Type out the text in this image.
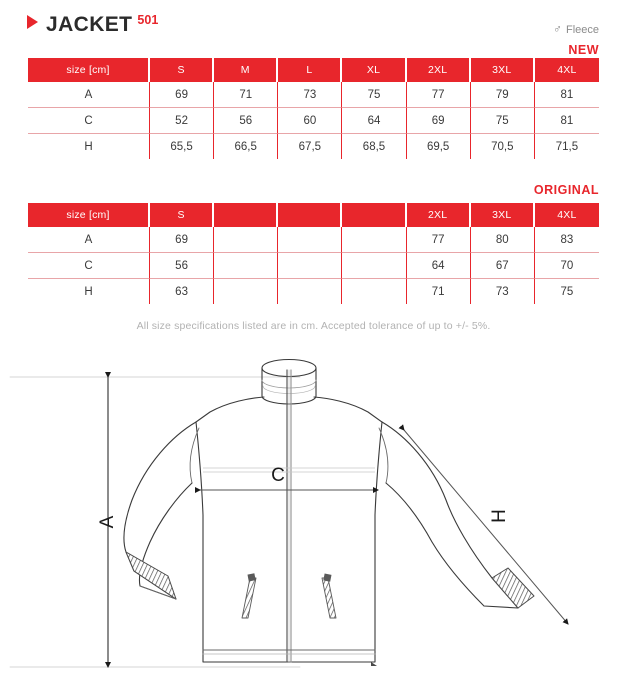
JACKET 501
♂ Fleece
NEW
size [cm]	S	M	L	XL	2XL	3XL	4XL
A	69	71	73	75	77	79	81
C	52	56	60	64	69	75	81
H	65,5	66,5	67,5	68,5	69,5	70,5	71,5
ORIGINAL
size [cm]	S				2XL	3XL	4XL
A	69				77	80	83
C	56				64	67	70
H	63				71	73	75
All size specifications listed are in cm. Accepted tolerance of up to +/- 5%.
A
C
H
